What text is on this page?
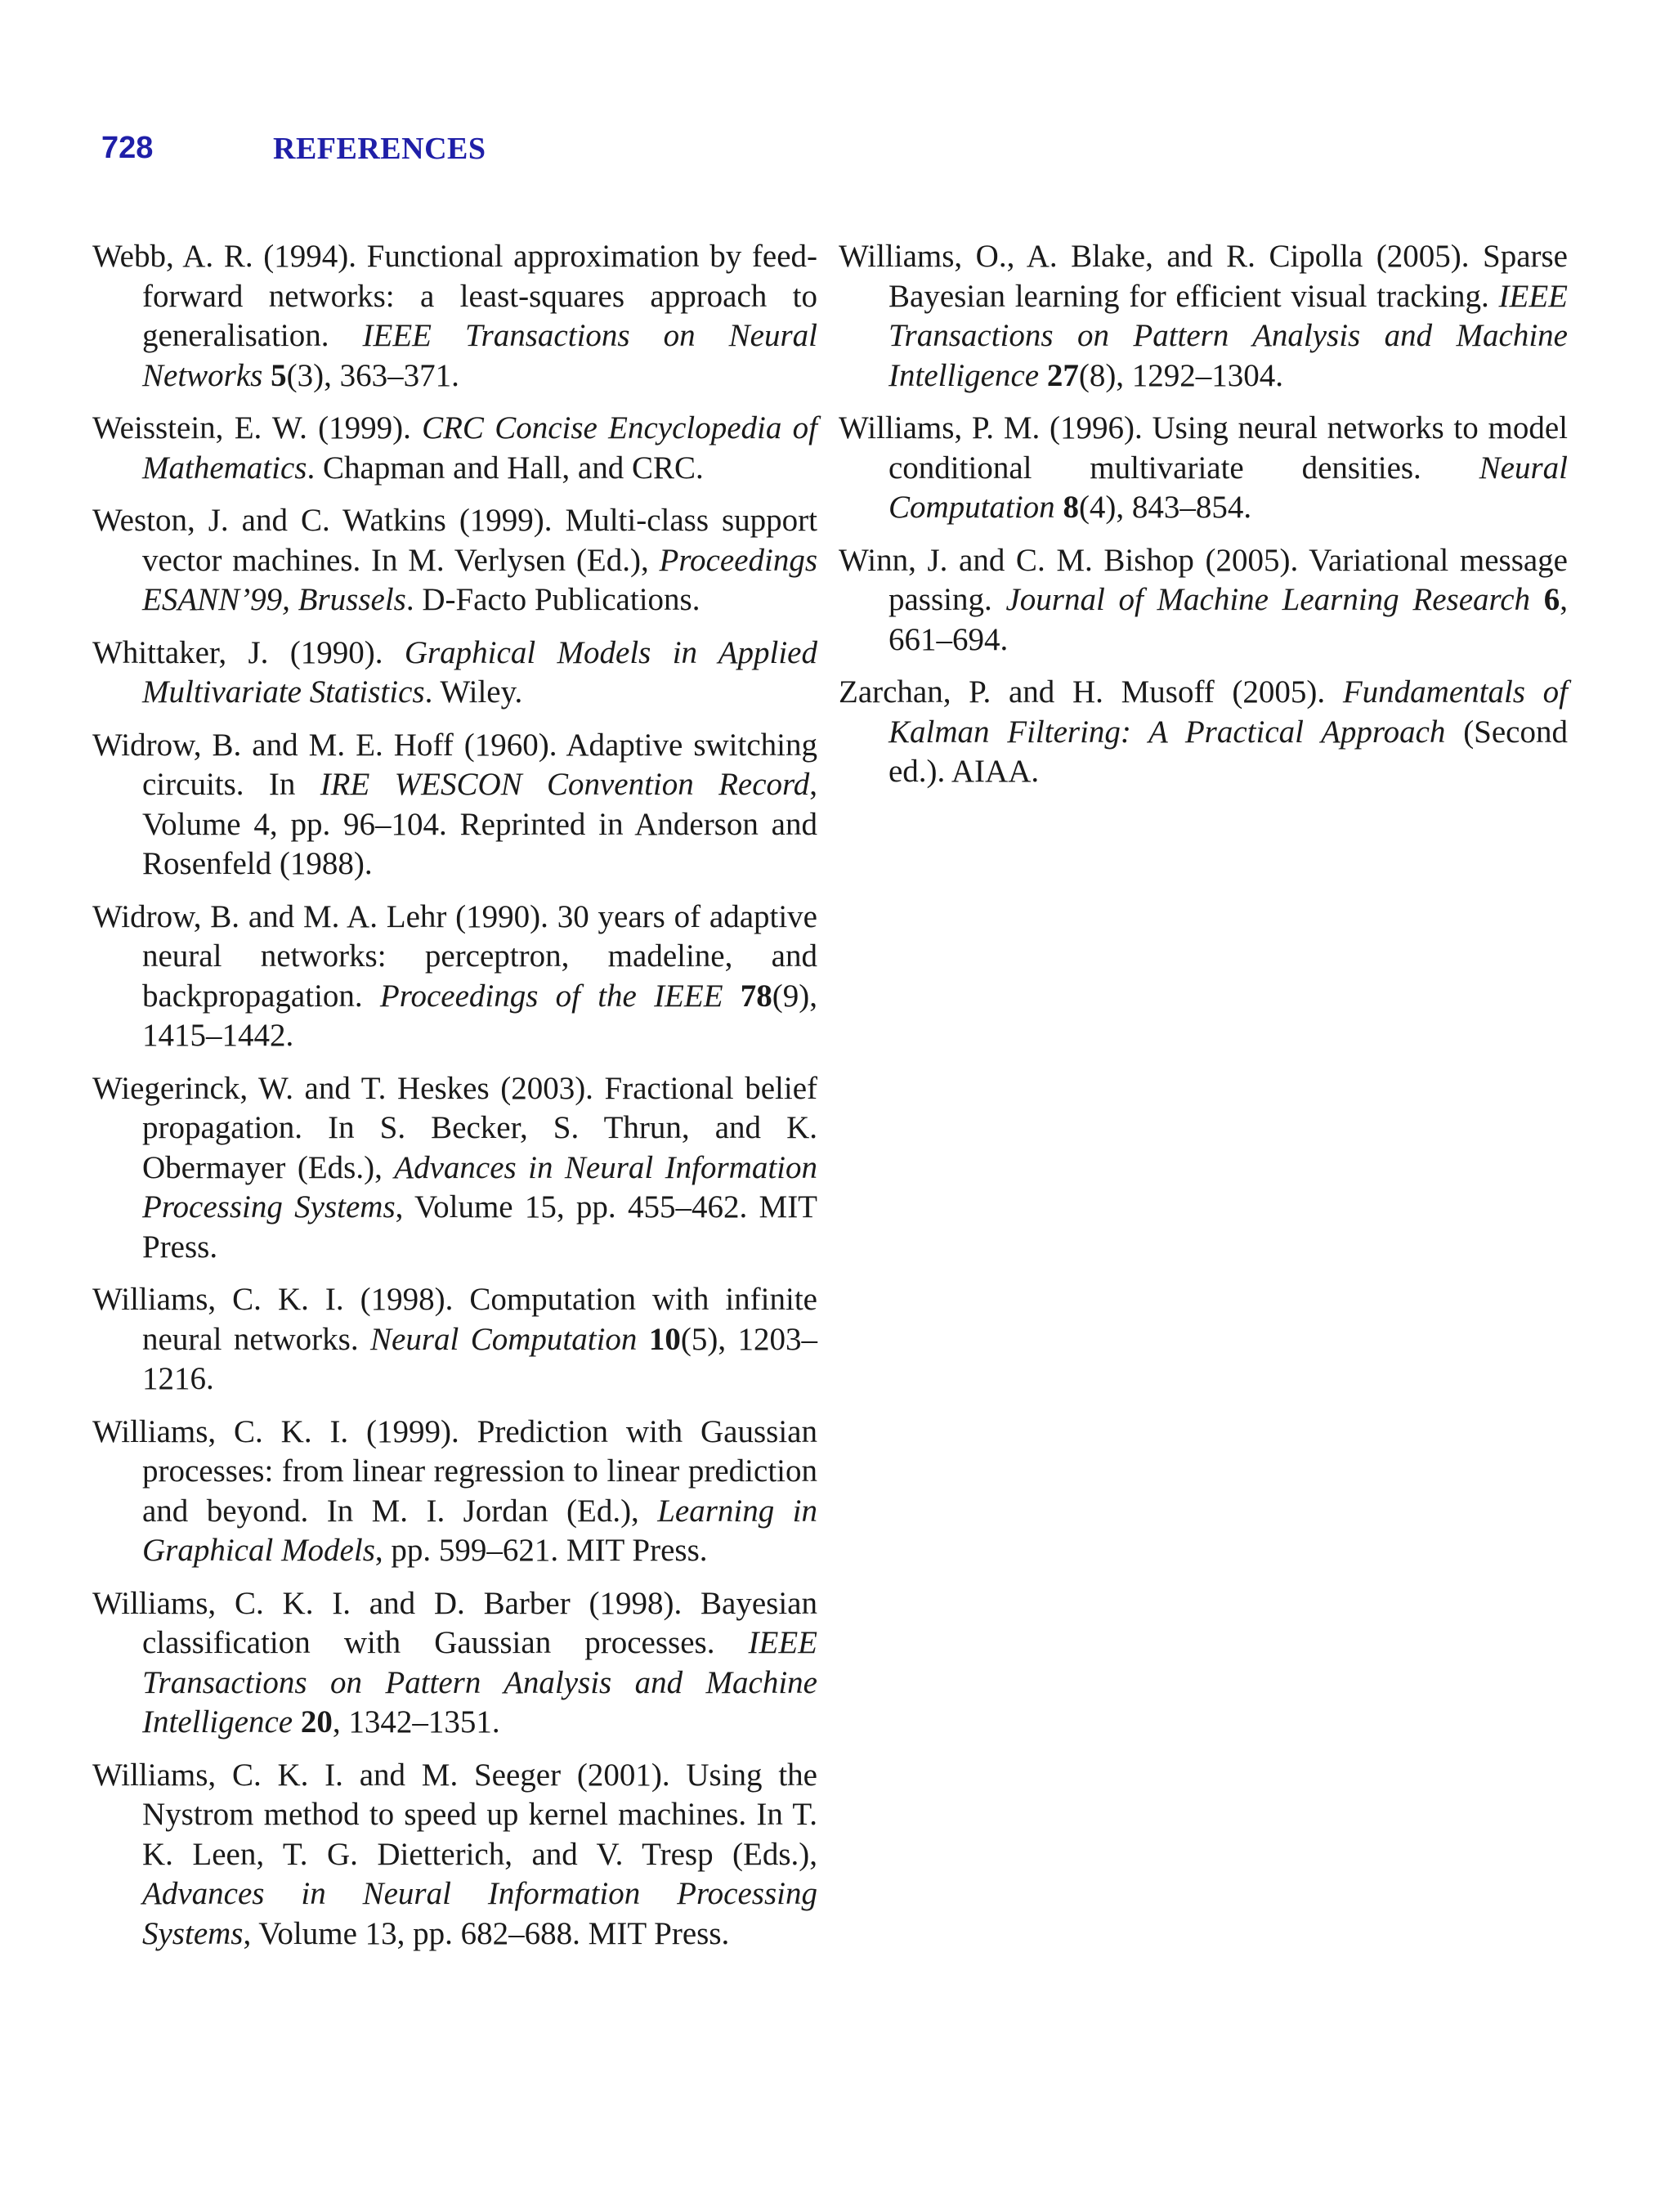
728	REFERENCES

Webb, A. R. (1994). Functional approximation by feed-forward networks: a least-squares approach to generalisation. IEEE Transactions on Neural Networks 5(3), 363–371.

Weisstein, E. W. (1999). CRC Concise Encyclopedia of Mathematics. Chapman and Hall, and CRC.

Weston, J. and C. Watkins (1999). Multi-class support vector machines. In M. Verlysen (Ed.), Proceedings ESANN’99, Brussels. D-Facto Publications.

Whittaker, J. (1990). Graphical Models in Applied Multivariate Statistics. Wiley.

Widrow, B. and M. E. Hoff (1960). Adaptive switching circuits. In IRE WESCON Convention Record, Volume 4, pp. 96–104. Reprinted in Anderson and Rosenfeld (1988).

Widrow, B. and M. A. Lehr (1990). 30 years of adaptive neural networks: perceptron, madeline, and backpropagation. Proceedings of the IEEE 78(9), 1415–1442.

Wiegerinck, W. and T. Heskes (2003). Fractional belief propagation. In S. Becker, S. Thrun, and K. Obermayer (Eds.), Advances in Neural Information Processing Systems, Volume 15, pp. 455–462. MIT Press.

Williams, C. K. I. (1998). Computation with infinite neural networks. Neural Computation 10(5), 1203–1216.

Williams, C. K. I. (1999). Prediction with Gaussian processes: from linear regression to linear prediction and beyond. In M. I. Jordan (Ed.), Learning in Graphical Models, pp. 599–621. MIT Press.

Williams, C. K. I. and D. Barber (1998). Bayesian classification with Gaussian processes. IEEE Transactions on Pattern Analysis and Machine Intelligence 20, 1342–1351.

Williams, C. K. I. and M. Seeger (2001). Using the Nystrom method to speed up kernel machines. In T. K. Leen, T. G. Dietterich, and V. Tresp (Eds.), Advances in Neural Information Processing Systems, Volume 13, pp. 682–688. MIT Press.

Williams, O., A. Blake, and R. Cipolla (2005). Sparse Bayesian learning for efficient visual tracking. IEEE Transactions on Pattern Analysis and Machine Intelligence 27(8), 1292–1304.

Williams, P. M. (1996). Using neural networks to model conditional multivariate densities. Neural Computation 8(4), 843–854.

Winn, J. and C. M. Bishop (2005). Variational message passing. Journal of Machine Learning Research 6, 661–694.

Zarchan, P. and H. Musoff (2005). Fundamentals of Kalman Filtering: A Practical Approach (Second ed.). AIAA.
